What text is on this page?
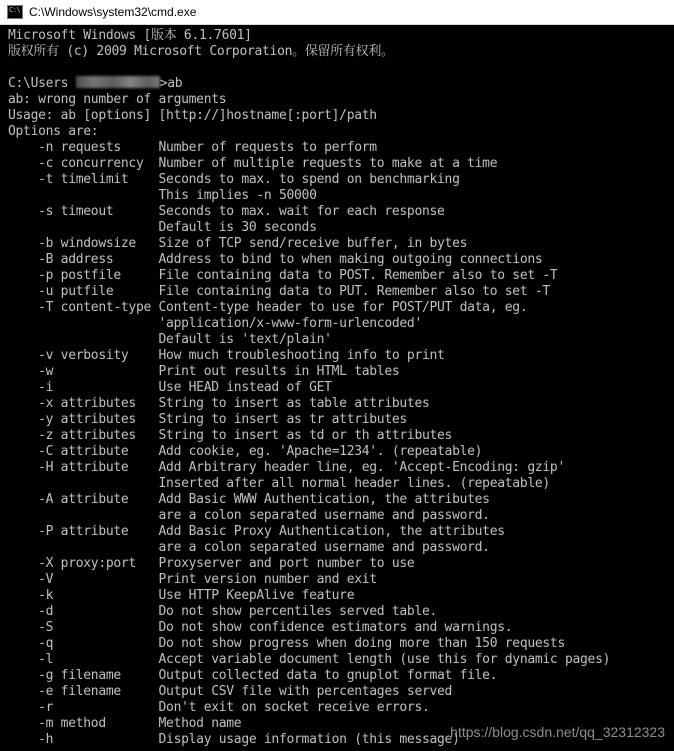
C:\ C:\Windows\system32\cmd.exe
Microsoft Windows [版本 6.1.7601]
版权所有 (c) 2009 Microsoft Corporation。保留所有权利。
C:\Users	>ab
ab: wrong number of arguments
Usage: ab [options] [http://]hostname[:port]/path
Options are:
-n requests     Number of requests to perform
-c concurrency  Number of multiple requests to make at a time
-t timelimit    Seconds to max. to spend on benchmarking
This implies -n 50000
-s timeout      Seconds to max. wait for each response
Default is 30 seconds
-b windowsize   Size of TCP send/receive buffer, in bytes
-B address      Address to bind to when making outgoing connections
-p postfile     File containing data to POST. Remember also to set -T
-u putfile      File containing data to PUT. Remember also to set -T
-T content-type Content-type header to use for POST/PUT data, eg.
'application/x-www-form-urlencoded'
Default is 'text/plain'
-v verbosity    How much troubleshooting info to print
-w              Print out results in HTML tables
-i              Use HEAD instead of GET
-x attributes   String to insert as table attributes
-y attributes   String to insert as tr attributes
-z attributes   String to insert as td or th attributes
-C attribute    Add cookie, eg. 'Apache=1234'. (repeatable)
-H attribute    Add Arbitrary header line, eg. 'Accept-Encoding: gzip'
Inserted after all normal header lines. (repeatable)
-A attribute    Add Basic WWW Authentication, the attributes
are a colon separated username and password.
-P attribute    Add Basic Proxy Authentication, the attributes
are a colon separated username and password.
-X proxy:port   Proxyserver and port number to use
-V              Print version number and exit
-k              Use HTTP KeepAlive feature
-d              Do not show percentiles served table.
-S              Do not show confidence estimators and warnings.
-q              Do not show progress when doing more than 150 requests
-l              Accept variable document length (use this for dynamic pages)
-g filename     Output collected data to gnuplot format file.
-e filename     Output CSV file with percentages served
-r              Don't exit on socket receive errors.
-m method       Method name
-h              Display usage information (this message)
https://blog.csdn.net/qq_32312323
